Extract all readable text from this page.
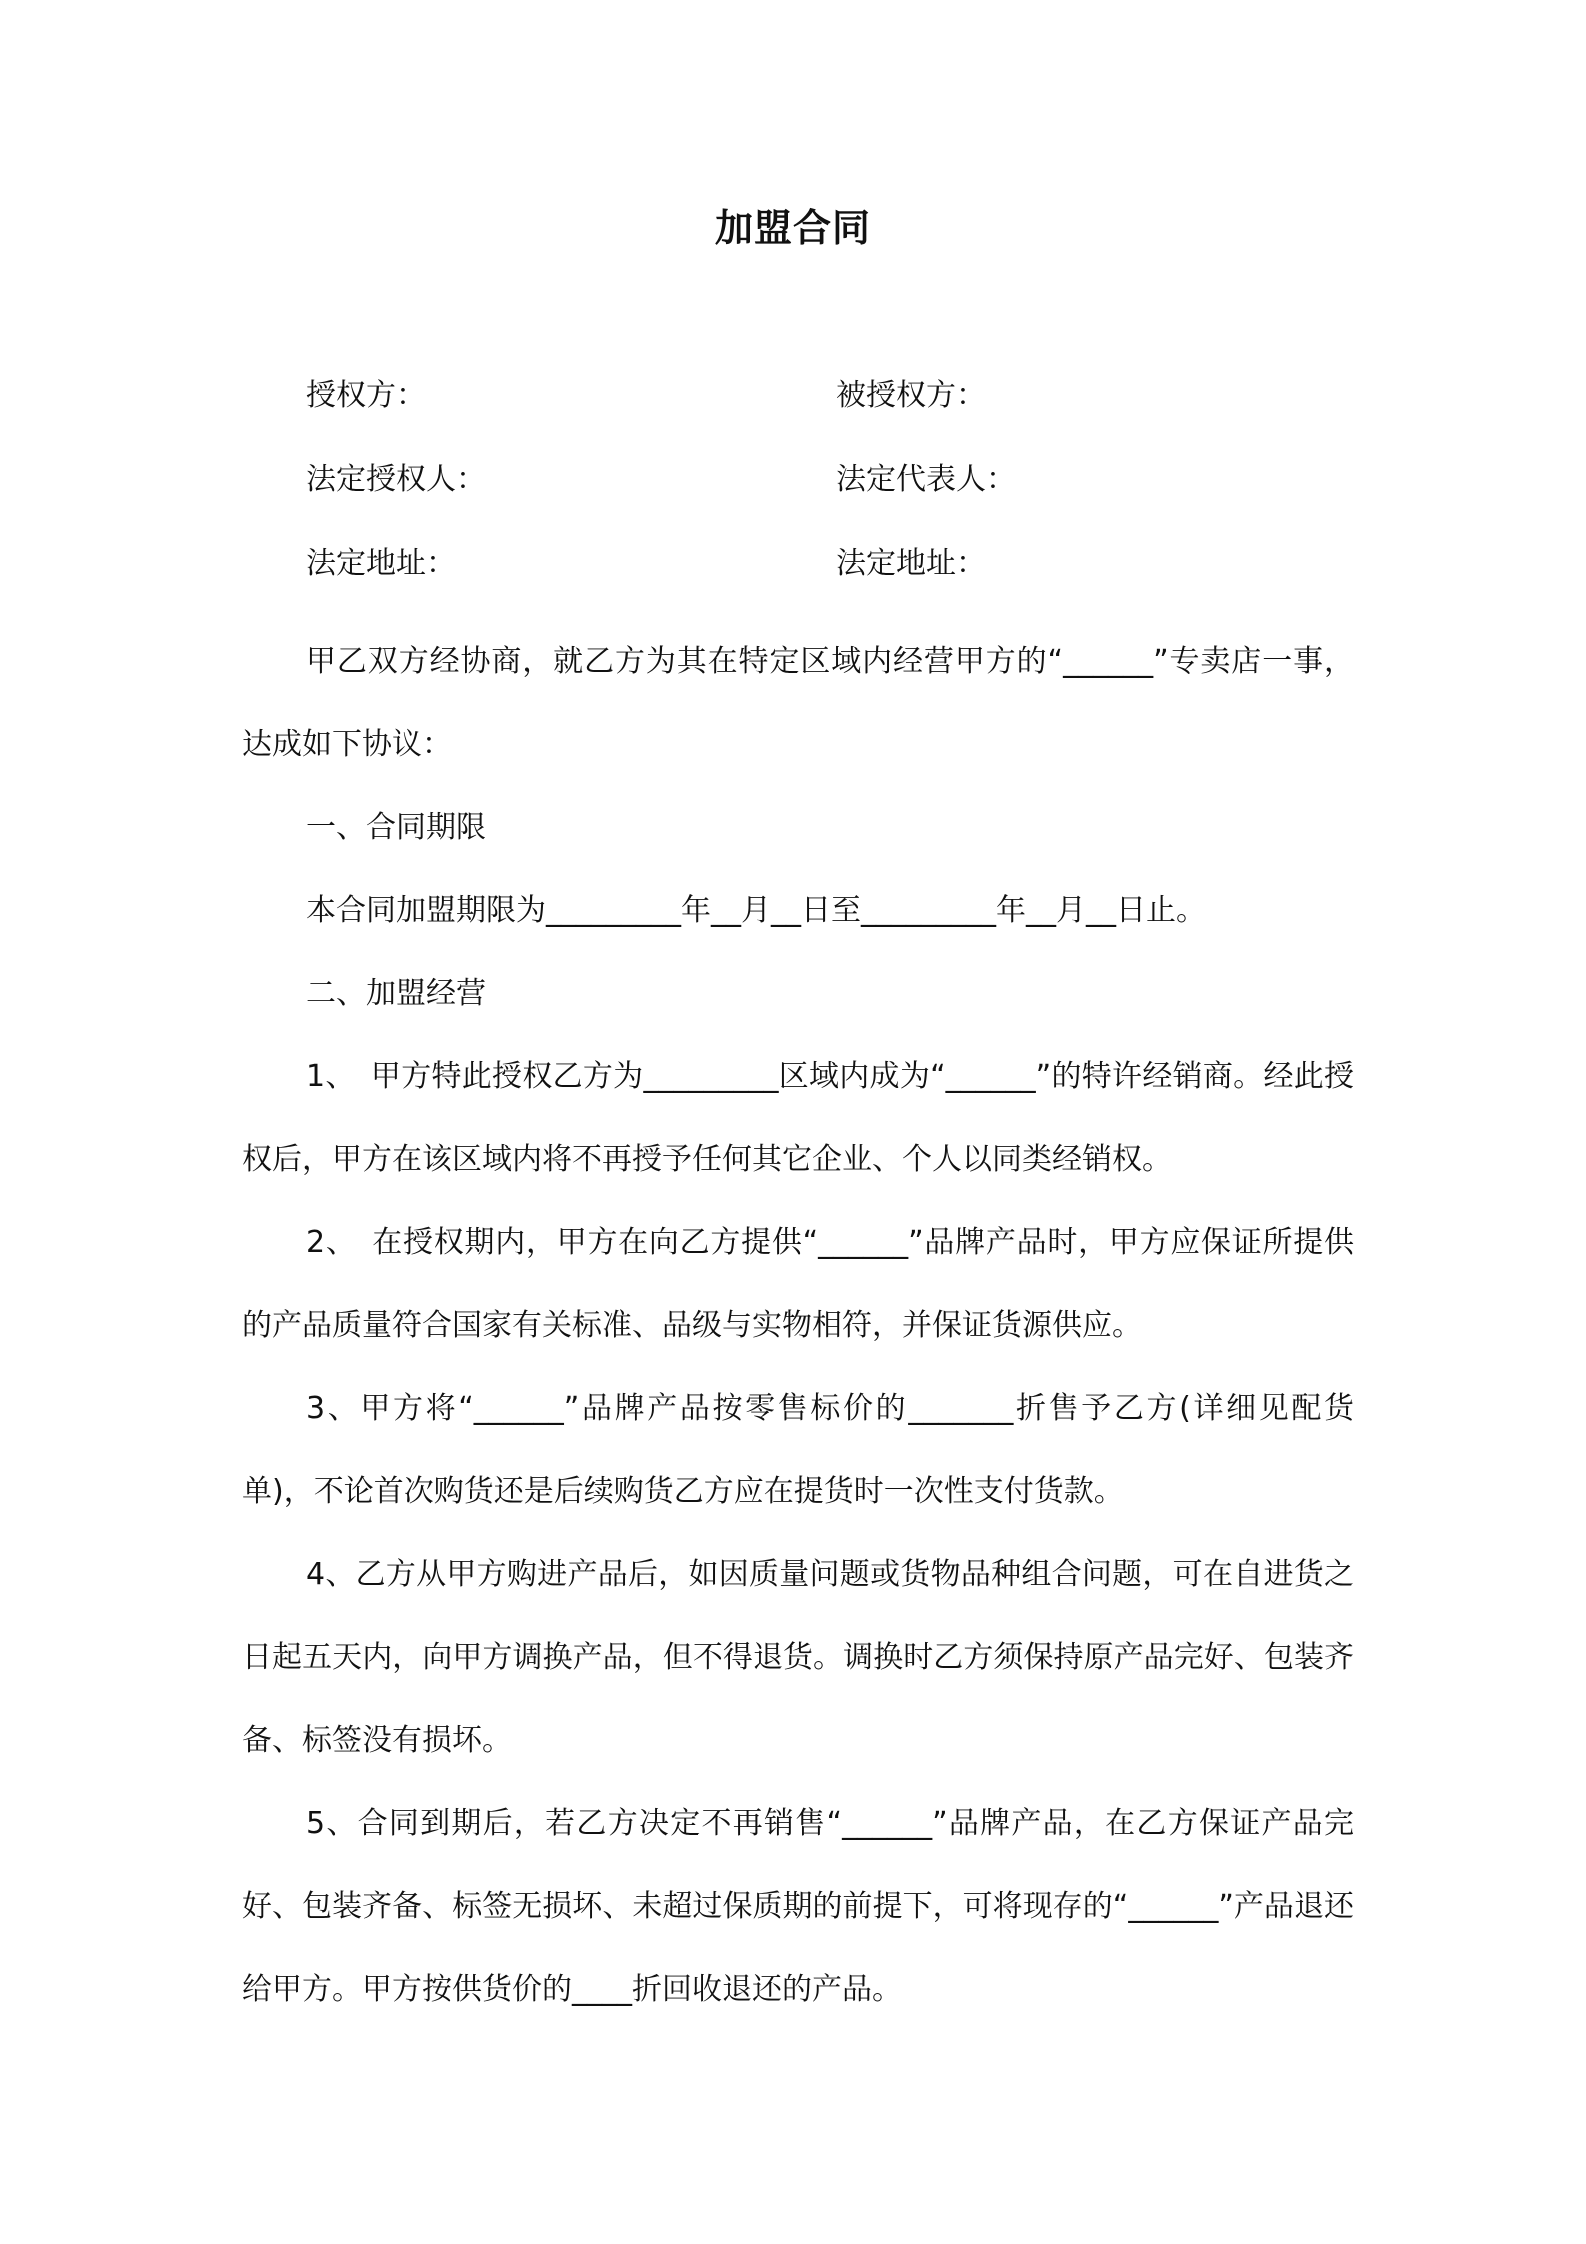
加盟合同
授权方：	被授权方：
法定授权人：	法定代表人：
法定地址：	法定地址：

甲乙双方经协商，就乙方为其在特定区域内经营甲方的“______”专卖店一事，达成如下协议：

一、合同期限

本合同加盟期限为_________年__月__日至_________年__月__日止。

二、加盟经营

1、　甲方特此授权乙方为_________区域内成为“______”的特许经销商。经此授权后，甲方在该区域内将不再授予任何其它企业、个人以同类经销权。

2、　在授权期内，甲方在向乙方提供“______”品牌产品时，甲方应保证所提供的产品质量符合国家有关标准、品级与实物相符，并保证货源供应。

3、甲方将“______”品牌产品按零售标价的_______折售予乙方(详细见配货单)，不论首次购货还是后续购货乙方应在提货时一次性支付货款。

4、乙方从甲方购进产品后，如因质量问题或货物品种组合问题，可在自进货之日起五天内，向甲方调换产品，但不得退货。调换时乙方须保持原产品完好、包装齐备、标签没有损坏。

5、合同到期后，若乙方决定不再销售“______”品牌产品，在乙方保证产品完好、包装齐备、标签无损坏、未超过保质期的前提下，可将现存的“______”产品退还给甲方。甲方按供货价的____折回收退还的产品。
